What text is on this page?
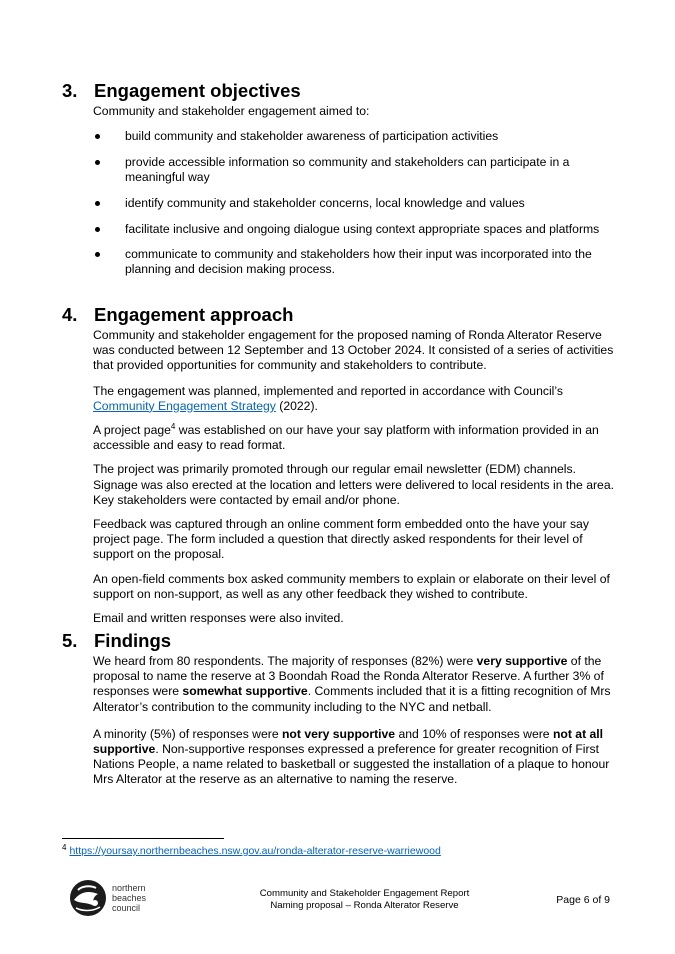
3. Engagement objectives

Community and stakeholder engagement aimed to:

build community and stakeholder awareness of participation activities
provide accessible information so community and stakeholders can participate in a meaningful way
identify community and stakeholder concerns, local knowledge and values
facilitate inclusive and ongoing dialogue using context appropriate spaces and platforms
communicate to community and stakeholders how their input was incorporated into the planning and decision making process.
4. Engagement approach

Community and stakeholder engagement for the proposed naming of Ronda Alterator Reserve was conducted between 12 September and 13 October 2024. It consisted of a series of activities that provided opportunities for community and stakeholders to contribute.

The engagement was planned, implemented and reported in accordance with Council’s Community Engagement Strategy (2022).

A project page$^4$ was established on our have your say platform with information provided in an accessible and easy to read format.

The project was primarily promoted through our regular email newsletter (EDM) channels. Signage was also erected at the location and letters were delivered to local residents in the area. Key stakeholders were contacted by email and/or phone.

Feedback was captured through an online comment form embedded onto the have your say project page. The form included a question that directly asked respondents for their level of support on the proposal.

An open-field comments box asked community members to explain or elaborate on their level of support on non-support, as well as any other feedback they wished to contribute.

Email and written responses were also invited.

5. Findings

We heard from 80 respondents. The majority of responses (82%) were very supportive of the proposal to name the reserve at 3 Boondah Road the Ronda Alterator Reserve. A further 3% of responses were somewhat supportive. Comments included that it is a fitting recognition of Mrs Alterator’s contribution to the community including to the NYC and netball.

A minority (5%) of responses were not very supportive and 10% of responses were not at all supportive. Non-supportive responses expressed a preference for greater recognition of First Nations People, a name related to basketball or suggested the installation of a plaque to honour Mrs Alterator at the reserve as an alternative to naming the reserve.

$^4$ https://yoursay.northernbeaches.nsw.gov.au/ronda-alterator-reserve-warriewood
northern
beaches
council
Community and Stakeholder Engagement Report
Naming proposal – Ronda Alterator Reserve	Page 6 of 9
